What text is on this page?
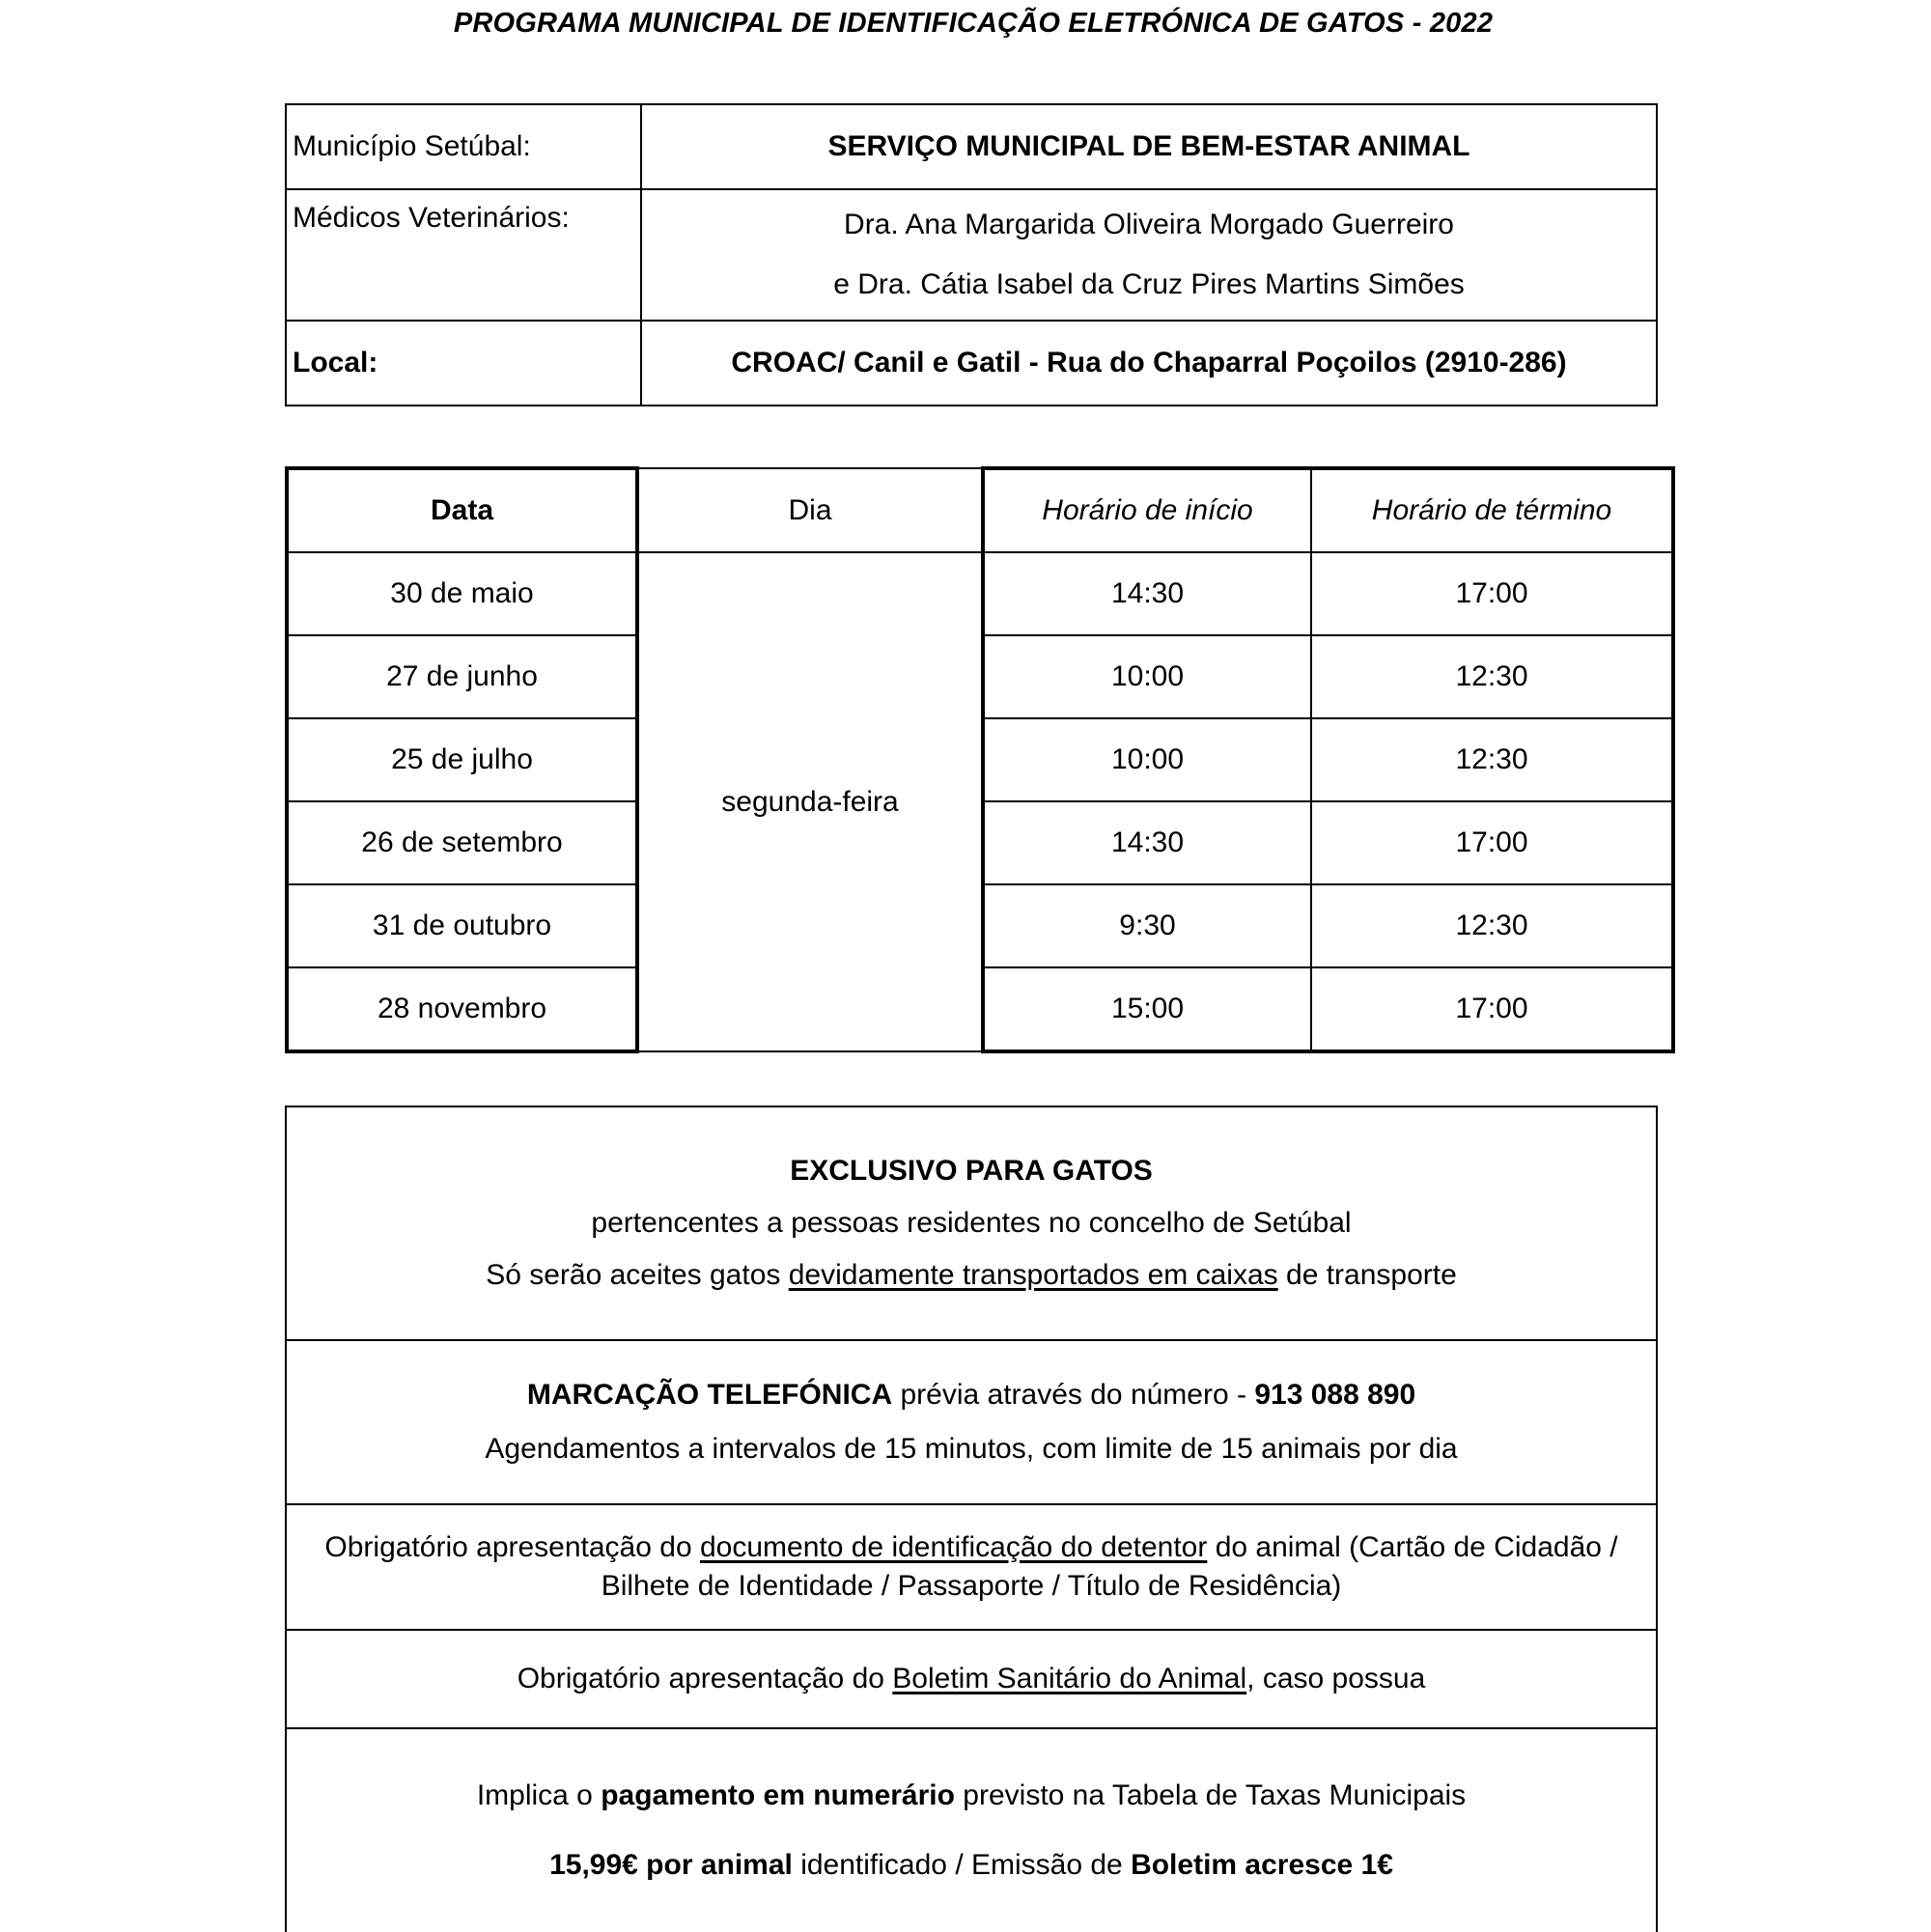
PROGRAMA MUNICIPAL DE IDENTIFICAÇÃO ELETRÓNICA DE GATOS - 2022
Município Setúbal:	SERVIÇO MUNICIPAL DE BEM-ESTAR ANIMAL
Médicos Veterinários:	Dra. Ana Margarida Oliveira Morgado Guerreiro
e Dra. Cátia Isabel da Cruz Pires Martins Simões

Local:	CROAC/ Canil e Gatil - Rua do Chaparral Poçoilos (2910-286)
Data	Dia	Horário de início	Horário de término
30 de maio	segunda-feira	14:30	17:00
27 de junho		10:00	12:30
25 de julho		10:00	12:30
26 de setembro		14:30	17:00
31 de outubro		9:30	12:30
28 novembro		15:00	17:00

EXCLUSIVO PARA GATOS

pertencentes a pessoas residentes no concelho de Setúbal

Só serão aceites gatos devidamente transportados em caixas de transporte

MARCAÇÃO TELEFÓNICA prévia através do número - 913 088 890

Agendamentos a intervalos de 15 minutos, com limite de 15 animais por dia

Obrigatório apresentação do documento de identificação do detentor do animal (Cartão de Cidadão / Bilhete de Identidade / Passaporte / Título de Residência)

Obrigatório apresentação do Boletim Sanitário do Animal, caso possua

Implica o pagamento em numerário previsto na Tabela de Taxas Municipais

15,99€ por animal identificado / Emissão de Boletim acresce 1€
